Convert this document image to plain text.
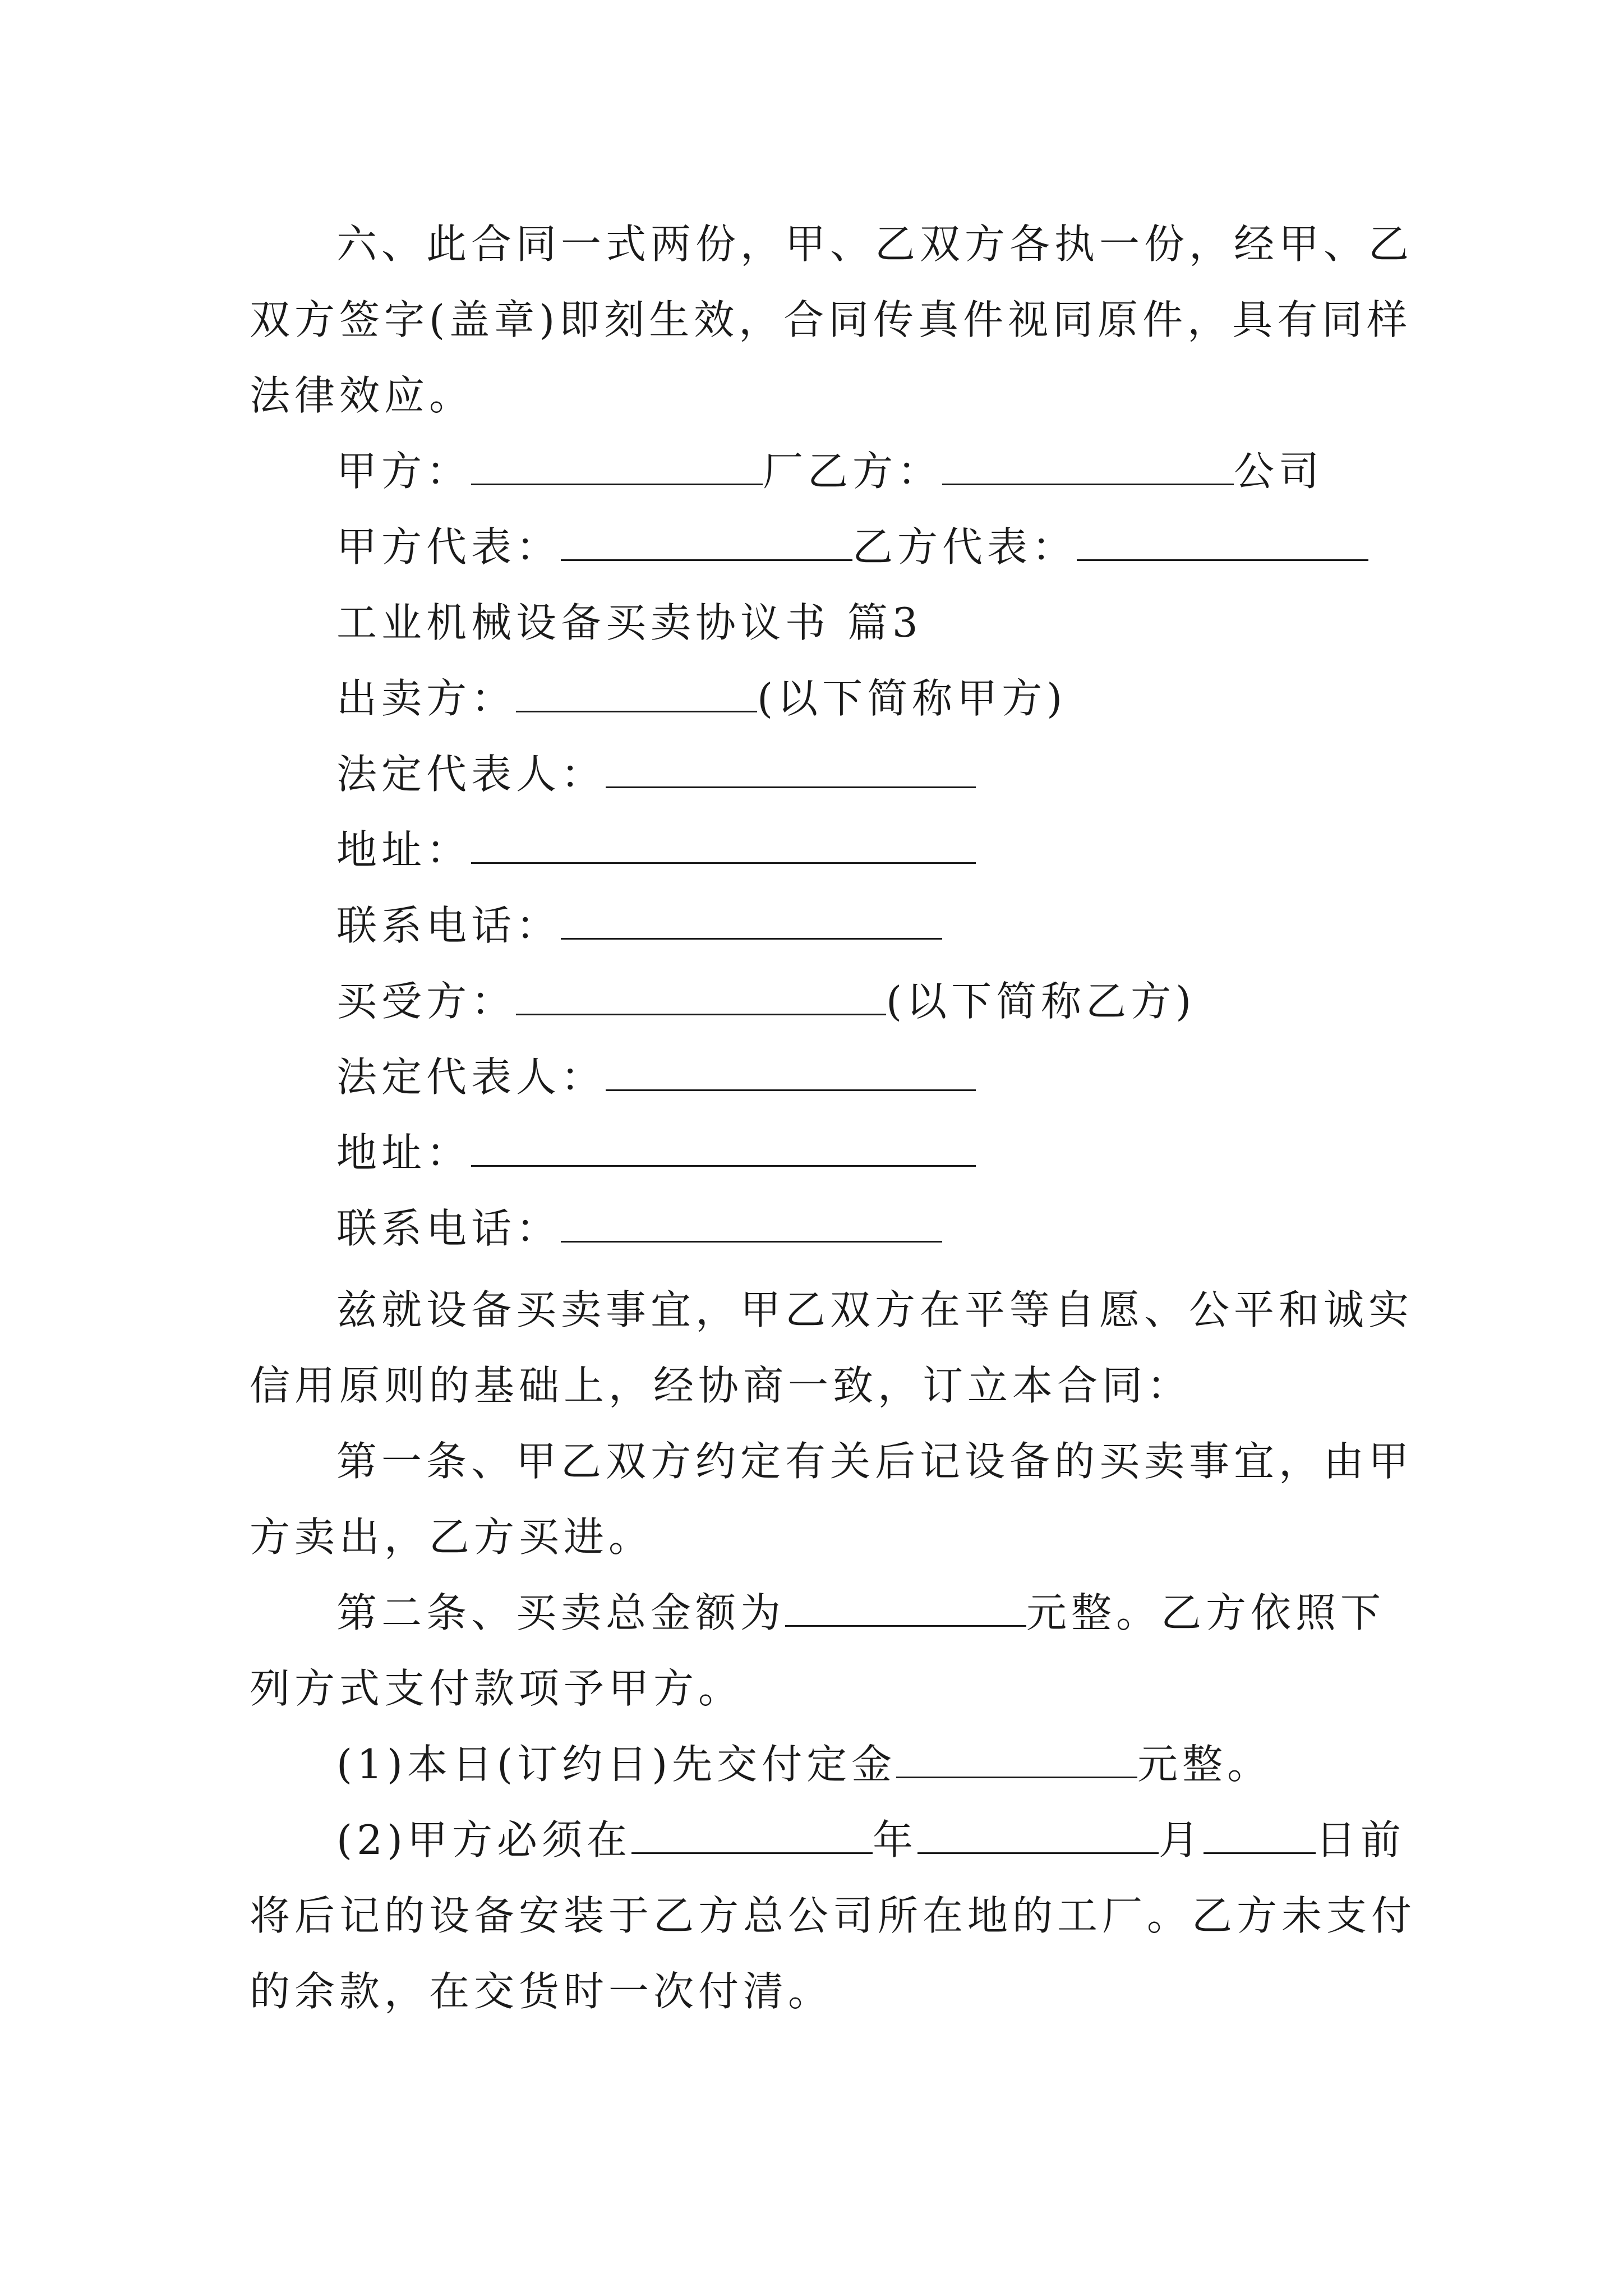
六、此合同一式两份，甲、乙双方各执一份，经甲、乙
双方签字(盖章)即刻生效，合同传真件视同原件，具有同样
法律效应。
甲方：	厂乙方：	公司
甲方代表：	乙方代表：
工业机械设备买卖协议书 篇3
出卖方：	(以下简称甲方)
法定代表人：
地址：
联系电话：
买受方：	(以下简称乙方)
法定代表人：
地址：
联系电话：
兹就设备买卖事宜，甲乙双方在平等自愿、公平和诚实
信用原则的基础上，经协商一致，订立本合同：
第一条、甲乙双方约定有关后记设备的买卖事宜，由甲
方卖出，乙方买进。
第二条、买卖总金额为	元整。乙方依照下
列方式支付款项予甲方。
(1)本日(订约日)先交付定金	元整。
(2)甲方必须在	年	月	日前
将后记的设备安装于乙方总公司所在地的工厂。乙方未支付
的余款，在交货时一次付清。
